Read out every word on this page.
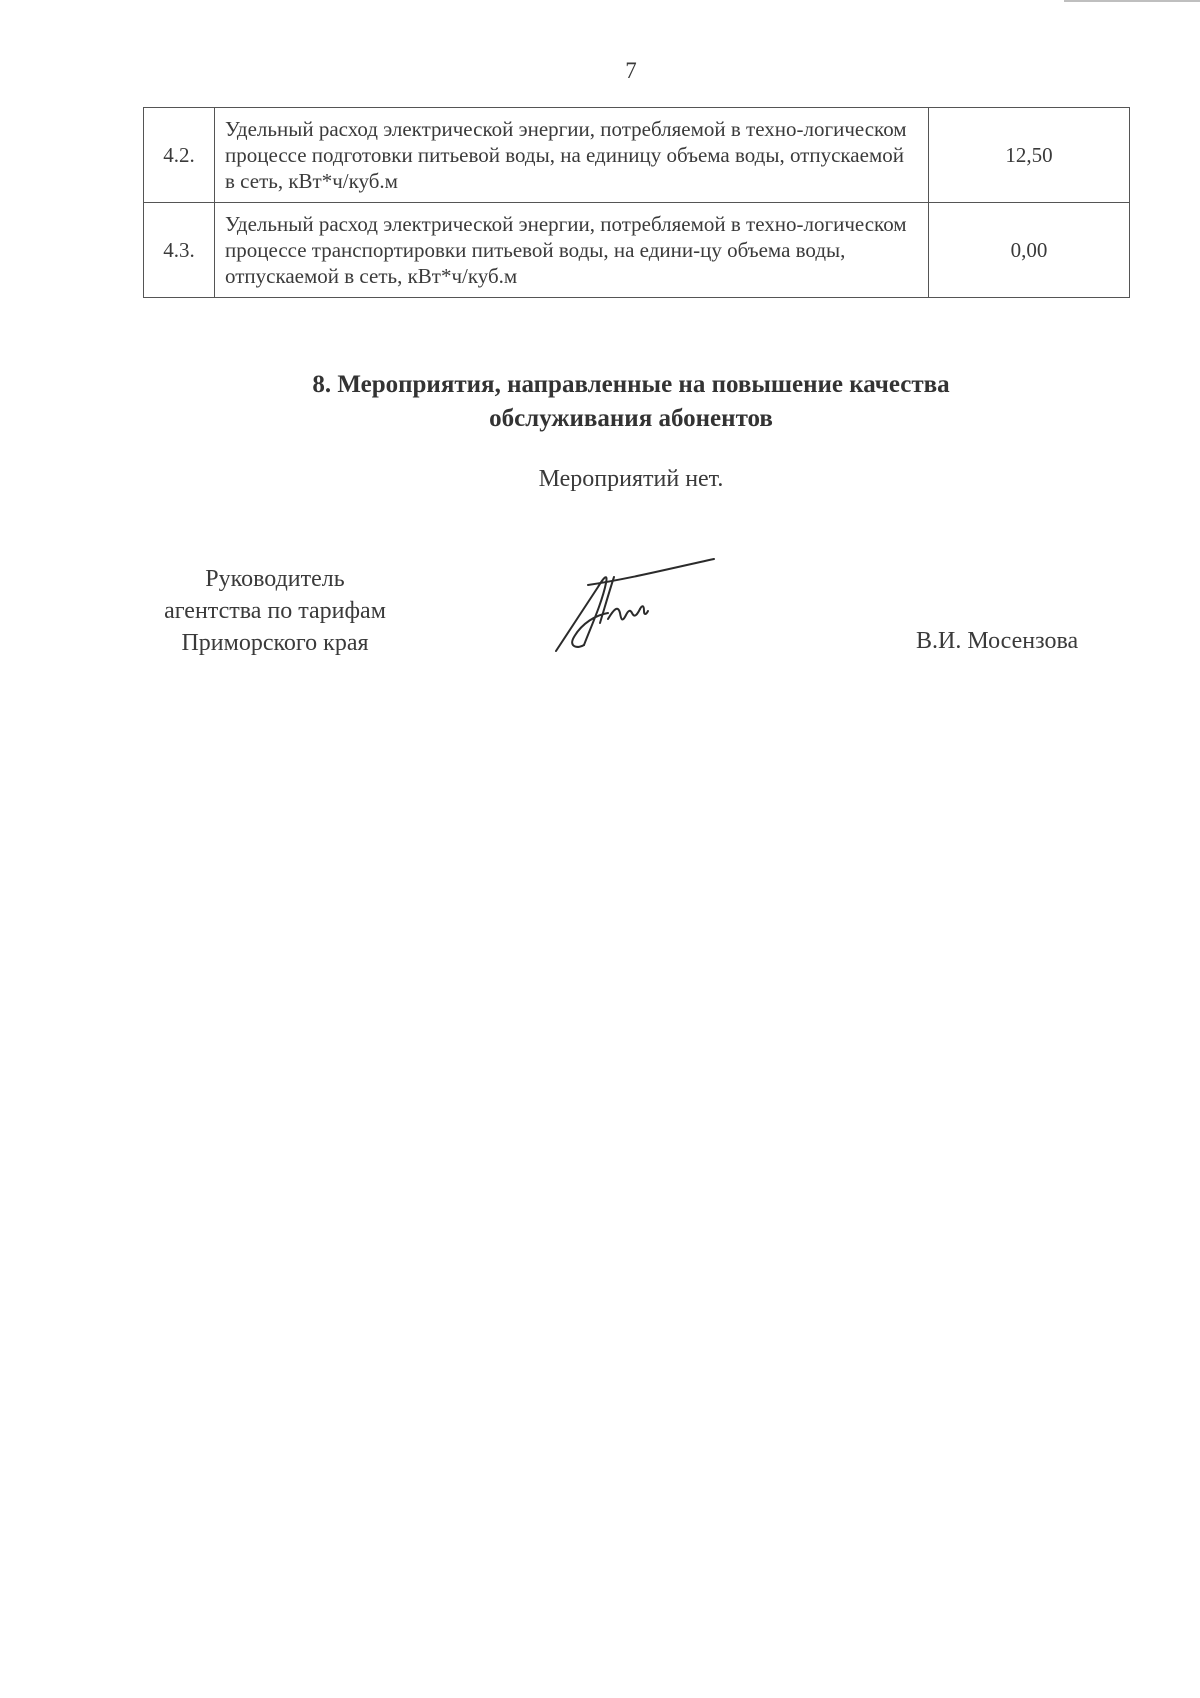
7
4.2.	Удельный расход электрической энергии, потребляемой в техно-логическом процессе подготовки питьевой воды, на единицу объема воды, отпускаемой в сеть, кВт*ч/куб.м	12,50
4.3.	Удельный расход электрической энергии, потребляемой в техно-логическом процессе транспортировки питьевой воды, на едини-цу объема воды, отпускаемой в сеть, кВт*ч/куб.м	0,00
8. Мероприятия, направленные на повышение качества
обслуживания абонентов
Мероприятий нет.
Руководитель
агентства по тарифам
Приморского края	В.И. Мосензова
